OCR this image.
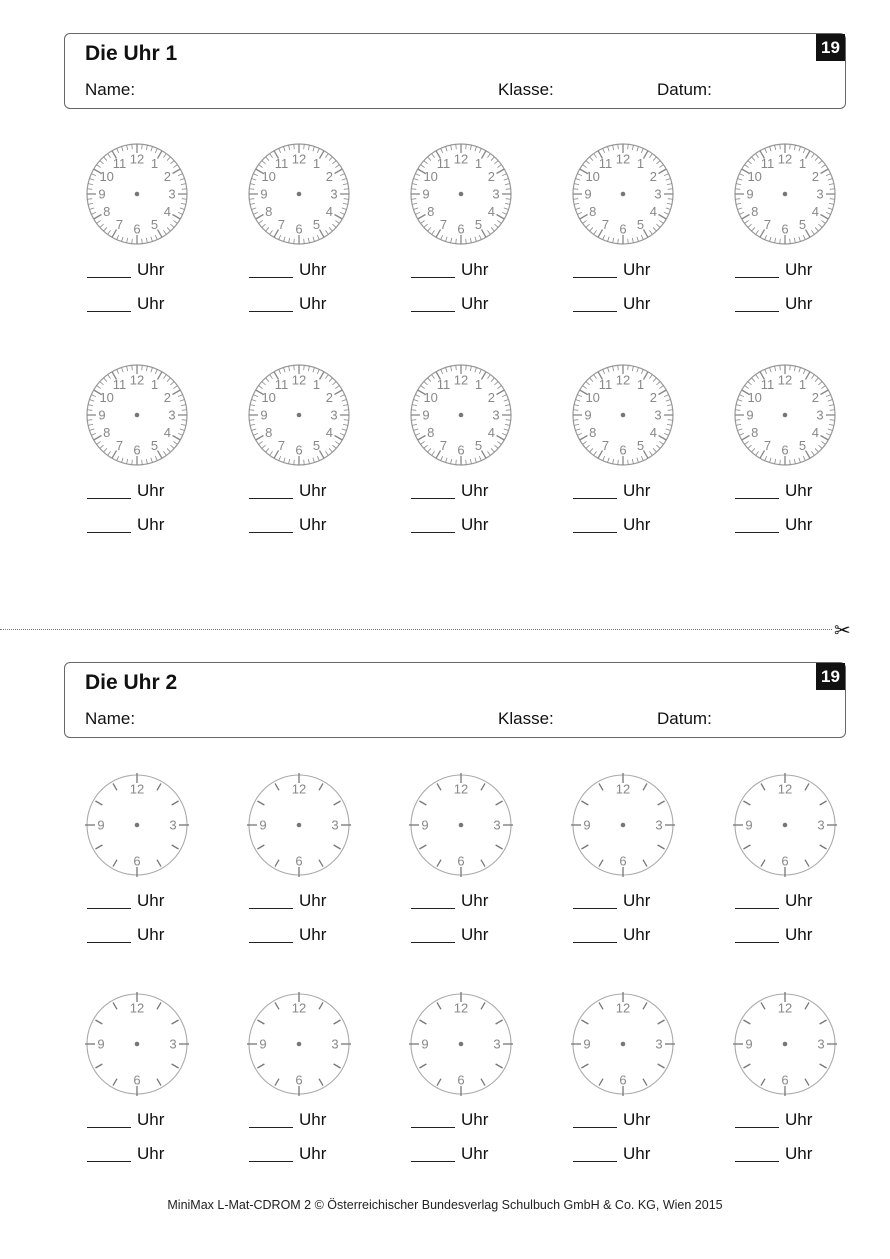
Die Uhr 1
Name:	Klasse:	Datum:
19
1
2
3
4
5
6
7
8
9
10
11 12
Uhr
Uhr
1
2
3
4
5
6
7
8
9
10
11 12
Uhr
Uhr
1
2
3
4
5
6
7
8
9
10
11 12
Uhr
Uhr
1
2
3
4
5
6
7
8
9
10
11 12
Uhr
Uhr
1
2
3
4
5
6
7
8
9
10
11 12
Uhr
Uhr
1
2
3
4
5
6
7
8
9
10
11 12
Uhr
Uhr
1
2
3
4
5
6
7
8
9
10
11 12
Uhr
Uhr
1
2
3
4
5
6
7
8
9
10
11 12
Uhr
Uhr
1
2
3
4
5
6
7
8
9
10
11 12
Uhr
Uhr
1
2
3
4
5
6
7
8
9
10
11 12
Uhr
Uhr
✂
Die Uhr 2
Name:	Klasse:	Datum:
19
12
3
6
9
Uhr
Uhr
12
3
6
9
Uhr
Uhr
12
3
6
9
Uhr
Uhr
12
3
6
9
Uhr
Uhr
12
3
6
9
Uhr
Uhr
12
3
6
9
Uhr
Uhr
12
3
6
9
Uhr
Uhr
12
3
6
9
Uhr
Uhr
12
3
6
9
Uhr
Uhr
12
3
6
9
Uhr
Uhr
MiniMax L-Mat-CDROM 2 © Österreichischer Bundesverlag Schulbuch GmbH & Co. KG, Wien 2015
